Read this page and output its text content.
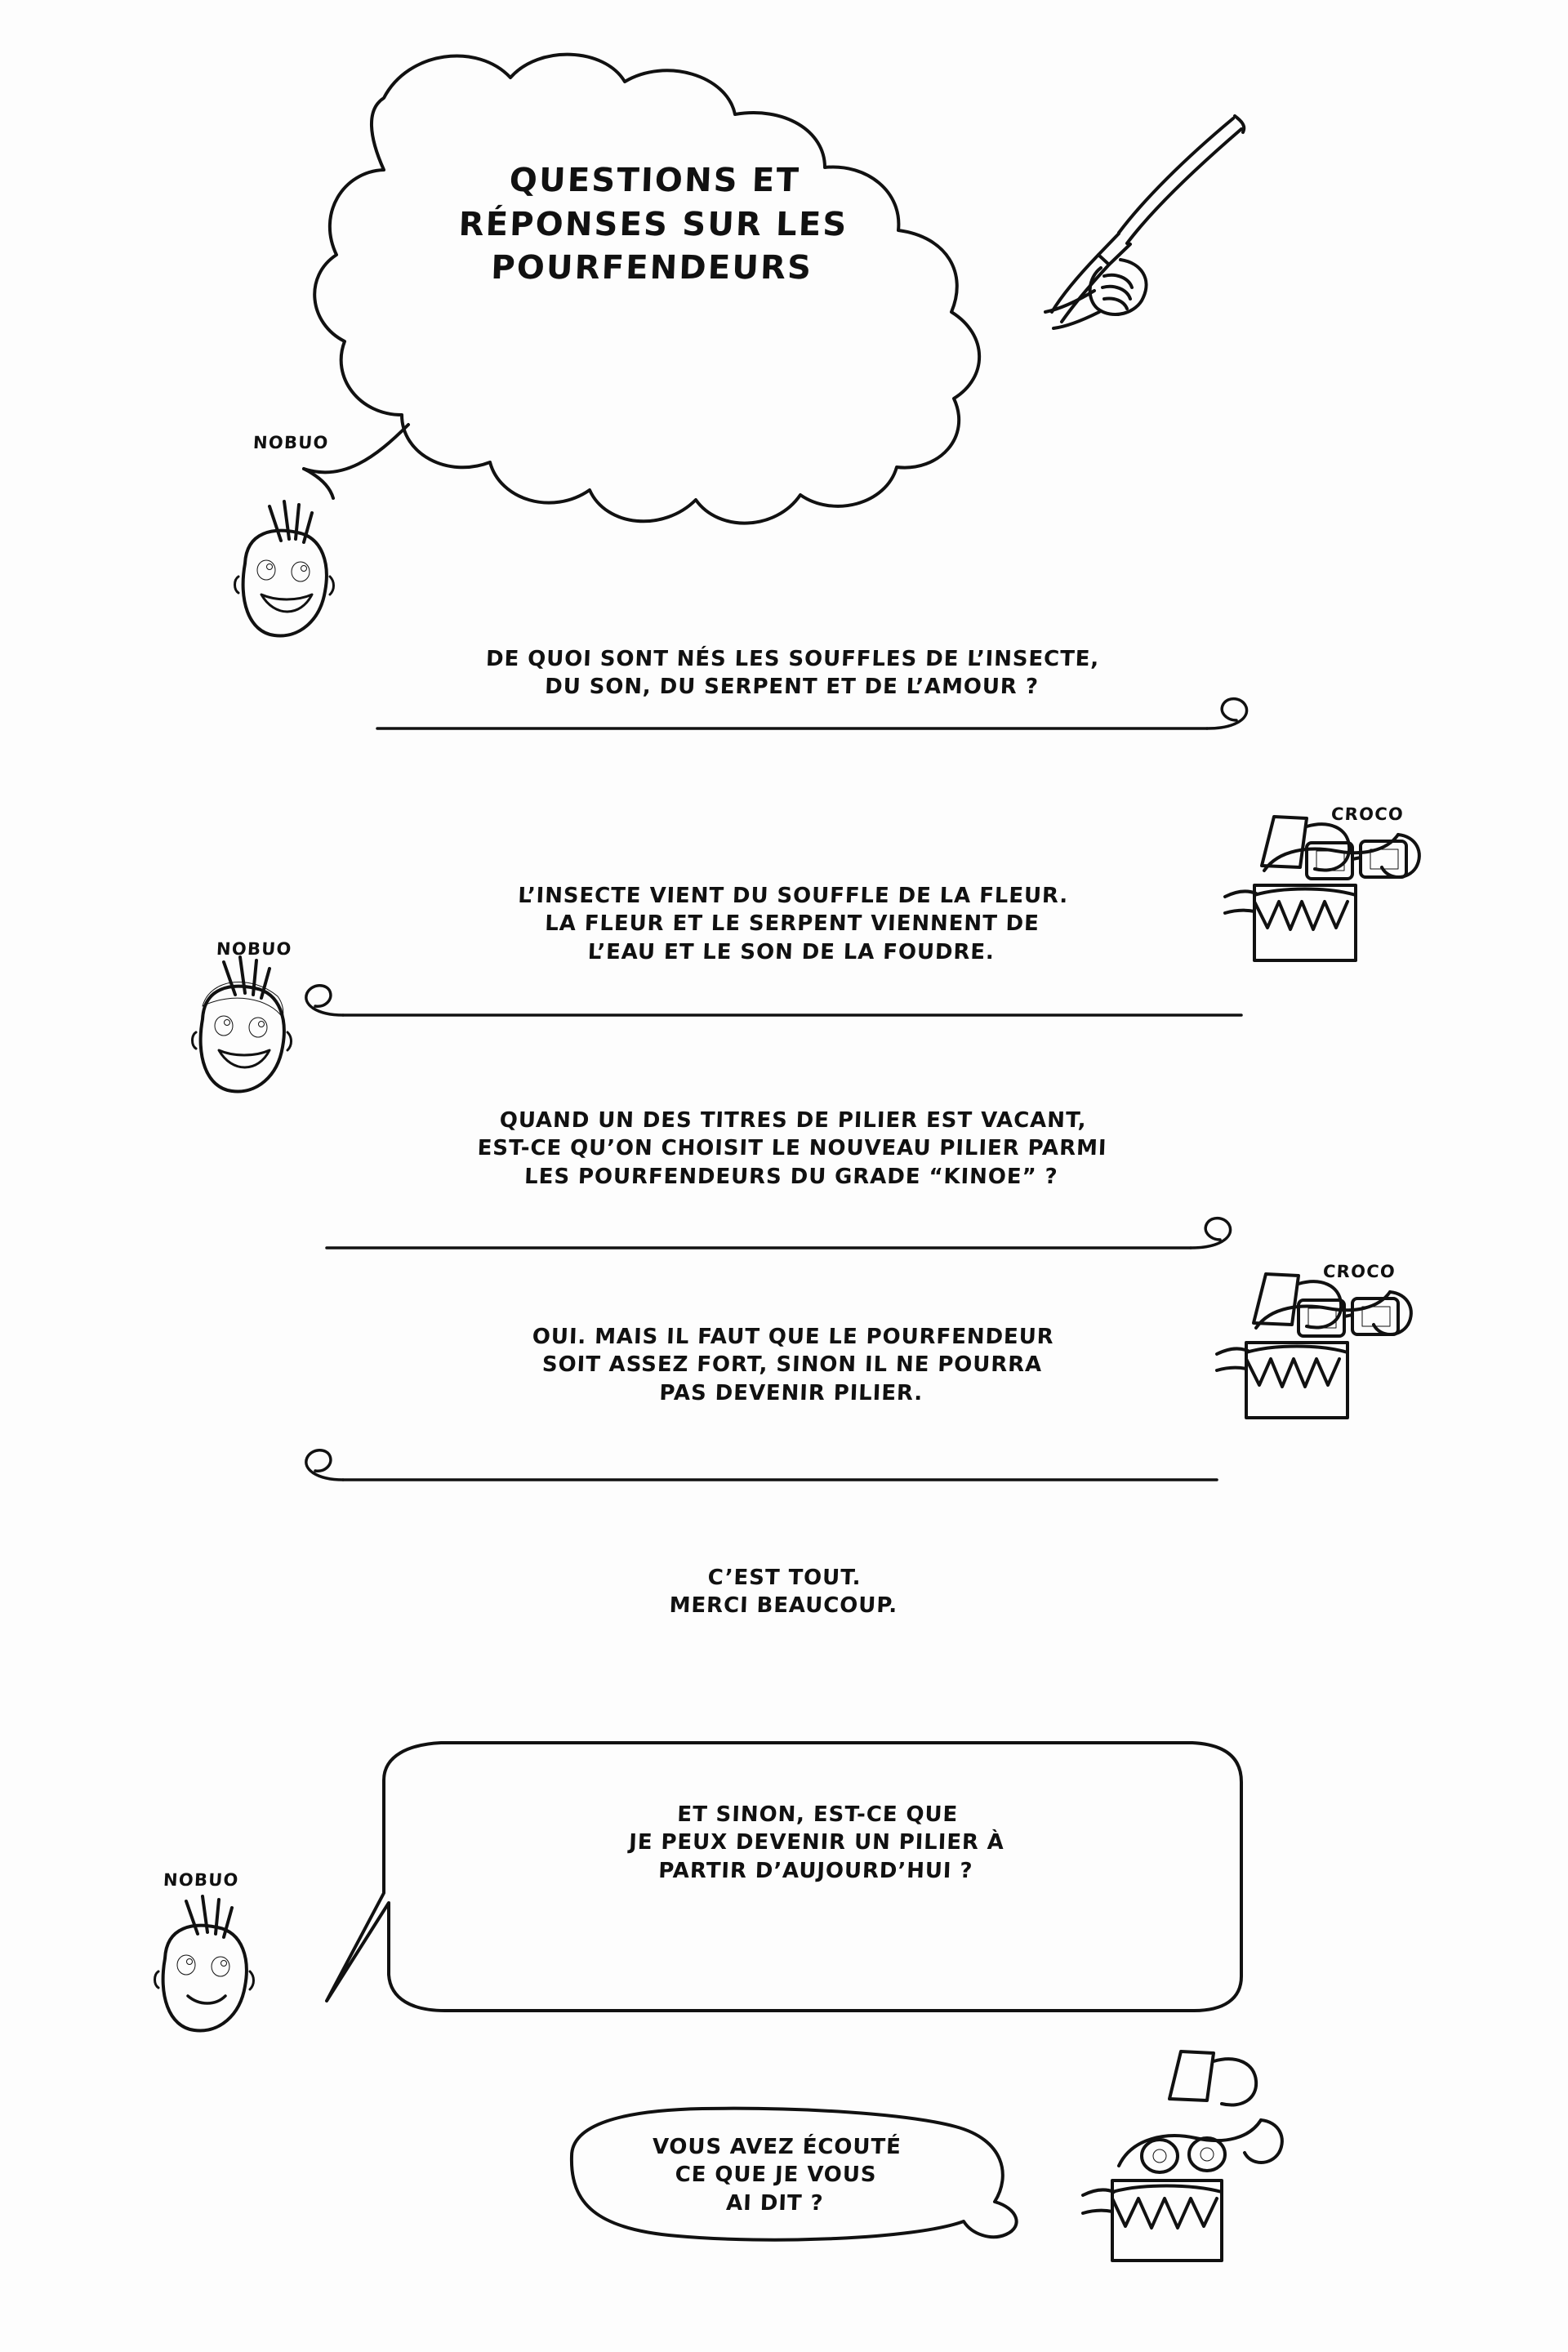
QUESTIONS ET
RÉPONSES SUR LES
POURFENDEURS
NOBUO
DE QUOI SONT NÉS LES SOUFFLES DE L’INSECTE,
DU SON, DU SERPENT ET DE L’AMOUR ?
CROCO
L’INSECTE VIENT DU SOUFFLE DE LA FLEUR.
LA FLEUR ET LE SERPENT VIENNENT DE
L’EAU ET LE SON DE LA FOUDRE.
NOBUO
QUAND UN DES TITRES DE PILIER EST VACANT,
EST-CE QU’ON CHOISIT LE NOUVEAU PILIER PARMI
LES POURFENDEURS DU GRADE “KINOE” ?
CROCO
OUI. MAIS IL FAUT QUE LE POURFENDEUR
SOIT ASSEZ FORT, SINON IL NE POURRA
PAS DEVENIR PILIER.
C’EST TOUT.
MERCI BEAUCOUP.
NOBUO
ET SINON, EST-CE QUE
JE PEUX DEVENIR UN PILIER À
PARTIR D’AUJOURD’HUI ?
VOUS AVEZ ÉCOUTÉ
CE QUE JE VOUS
AI DIT ?
